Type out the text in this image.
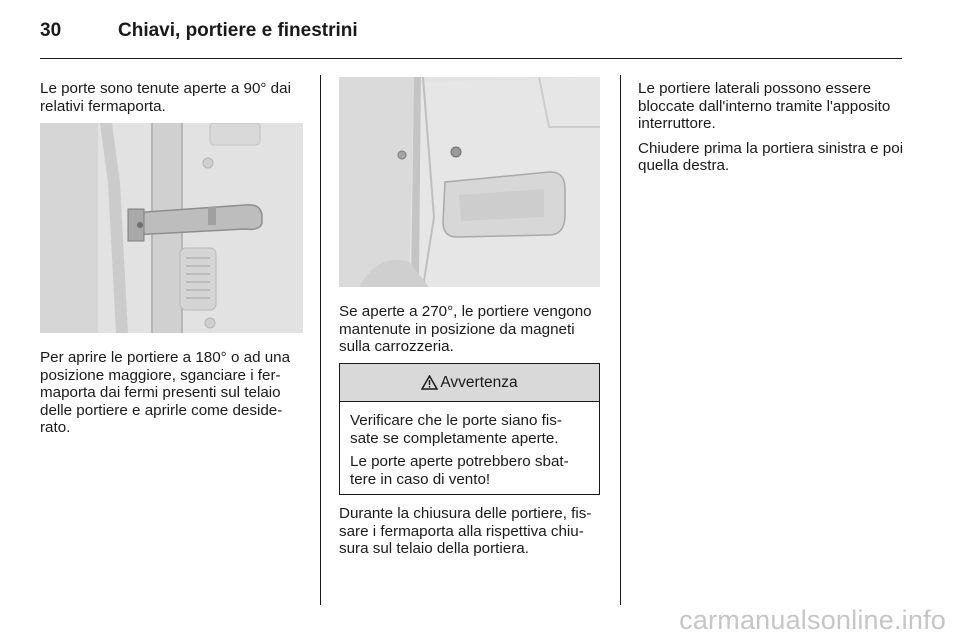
30	Chiavi, portiere e finestrini

Le porte sono tenute aperte a 90° dai relativi fermaporta.

Per aprire le portiere a 180° o ad una posizione maggiore, sganciare i fer-maporta dai fermi presenti sul telaio delle portiere e aprirle come deside-rato.

Se aperte a 270°, le portiere vengono mantenute in posizione da magneti sulla carrozzeria.

Avvertenza

Verificare che le porte siano fis-sate se completamente aperte.

Le porte aperte potrebbero sbat-tere in caso di vento!

Durante la chiusura delle portiere, fis-sare i fermaporta alla rispettiva chiu-sura sul telaio della portiera.

Le portiere laterali possono essere bloccate dall'interno tramite l'apposito interruttore.

Chiudere prima la portiera sinistra e poi quella destra.

carmanualsonline.info
